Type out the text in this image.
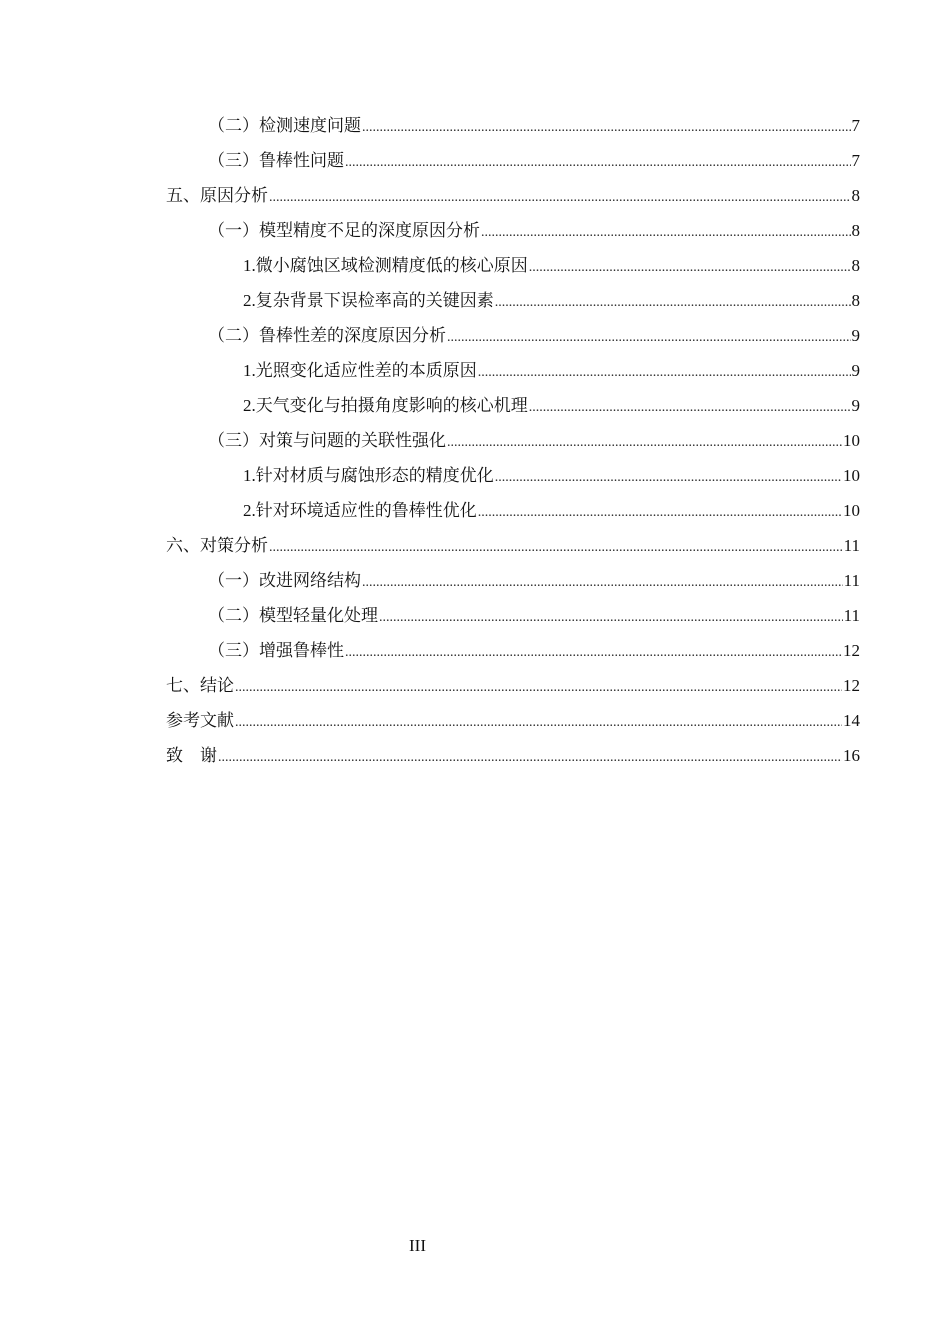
（二）检测速度问题 .....	7
（三）鲁棒性问题 .....	7
五、原因分析 .....	8
（一）模型精度不足的深度原因分析 .....	8
1.微小腐蚀区域检测精度低的核心原因 .....	8
2.复杂背景下误检率高的关键因素 .....	8
（二）鲁棒性差的深度原因分析 .....	9
1.光照变化适应性差的本质原因 .....	9
2.天气变化与拍摄角度影响的核心机理 .....	9
（三）对策与问题的关联性强化 .....	10
1.针对材质与腐蚀形态的精度优化 .....	10
2.针对环境适应性的鲁棒性优化 .....	10
六、对策分析 .....	11
（一）改进网络结构 .....	11
（二）模型轻量化处理 .....	11
（三）增强鲁棒性 .....	12
七、结论 .....	12
参考文献 .....	14
致　谢 .....	16
III
